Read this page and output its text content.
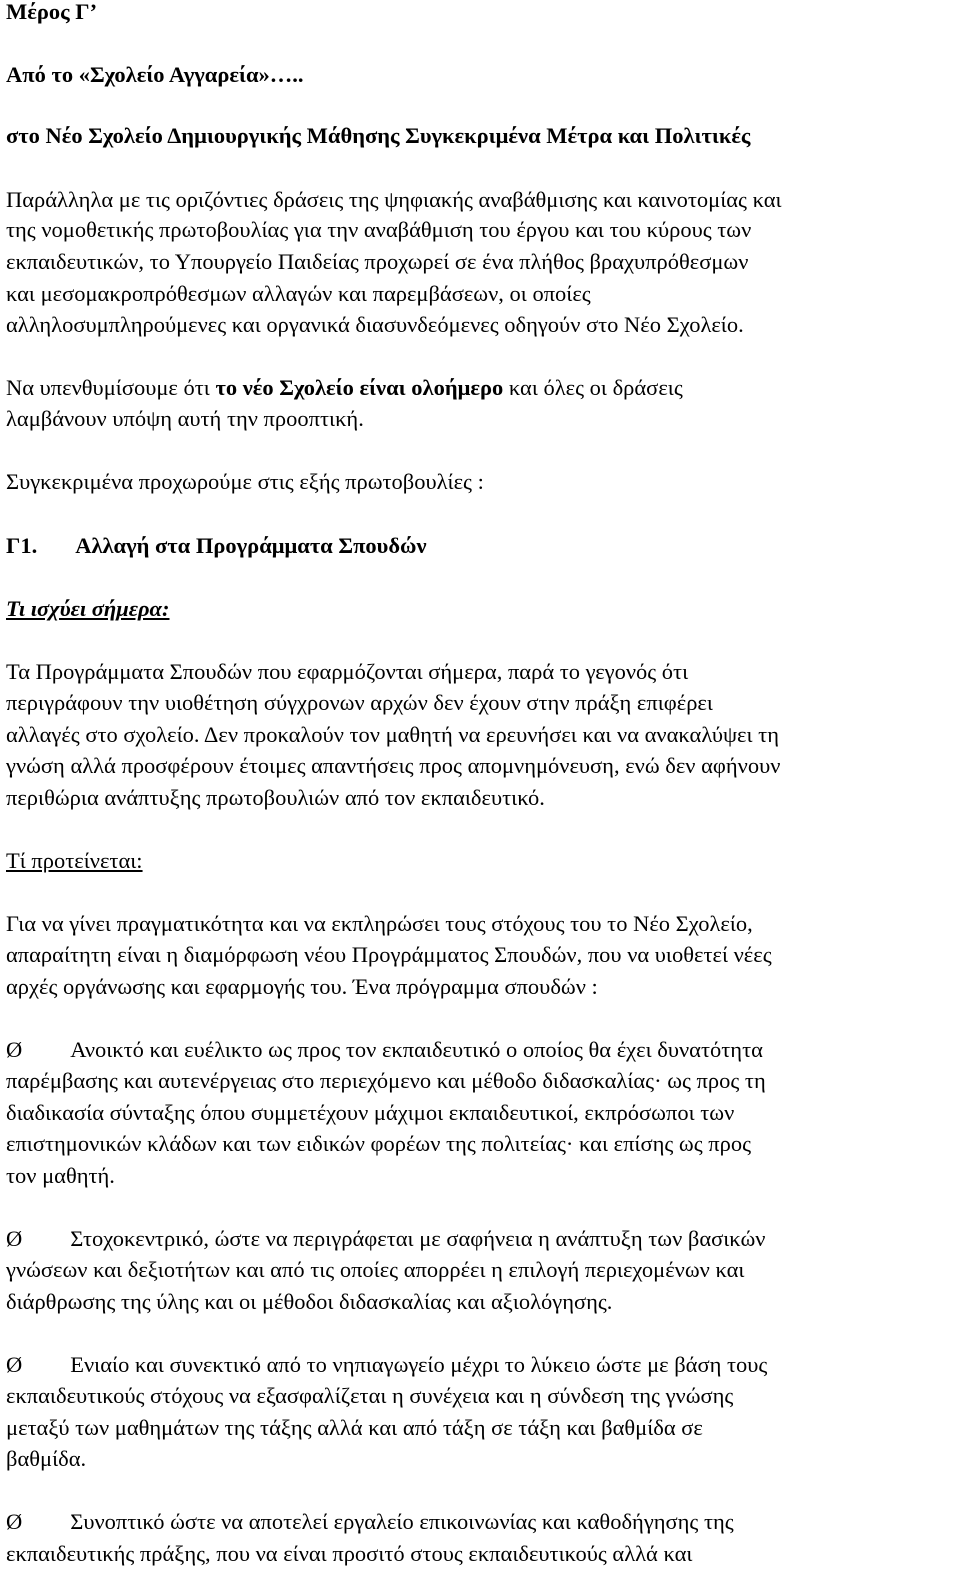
Μέρος Γ’
Από το «Σχολείο Αγγαρεία»…..
στο Νέο Σχολείο Δημιουργικής Μάθησης Συγκεκριμένα Μέτρα και Πολιτικές
Παράλληλα με τις οριζόντιες δράσεις της ψηφιακής αναβάθμισης και καινοτομίας και
της νομοθετικής πρωτοβουλίας για την αναβάθμιση του έργου και του κύρους των
εκπαιδευτικών, το Υπουργείο Παιδείας προχωρεί σε ένα πλήθος βραχυπρόθεσμων
και μεσομακροπρόθεσμων αλλαγών και παρεμβάσεων, οι οποίες
αλληλοσυμπληρούμενες και οργανικά διασυνδεόμενες οδηγούν στο Νέο Σχολείο.
Να υπενθυμίσουμε ότι το νέο Σχολείο είναι ολοήμερο και όλες οι δράσεις
λαμβάνουν υπόψη αυτή την προοπτική.
Συγκεκριμένα προχωρούμε στις εξής πρωτοβουλίες :
Γ1. Αλλαγή στα Προγράμματα Σπουδών
Τι ισχύει σήμερα:
Τα Προγράμματα Σπουδών που εφαρμόζονται σήμερα, παρά το γεγονός ότι
περιγράφουν την υιοθέτηση σύγχρονων αρχών δεν έχουν στην πράξη επιφέρει
αλλαγές στο σχολείο. Δεν προκαλούν τον μαθητή να ερευνήσει και να ανακαλύψει τη
γνώση αλλά προσφέρουν έτοιμες απαντήσεις προς απομνημόνευση, ενώ δεν αφήνουν
περιθώρια ανάπτυξης πρωτοβουλιών από τον εκπαιδευτικό.
Τί προτείνεται:
Για να γίνει πραγματικότητα και να εκπληρώσει τους στόχους του το Νέο Σχολείο,
απαραίτητη είναι η διαμόρφωση νέου Προγράμματος Σπουδών, που να υιοθετεί νέες
αρχές οργάνωσης και εφαρμογής του. Ένα πρόγραμμα σπουδών :
Ø Ανοικτό και ευέλικτο ως προς τον εκπαιδευτικό ο οποίος θα έχει δυνατότητα
παρέμβασης και αυτενέργειας στο περιεχόμενο και μέθοδο διδασκαλίας· ως προς τη
διαδικασία σύνταξης όπου συμμετέχουν μάχιμοι εκπαιδευτικοί, εκπρόσωποι των
επιστημονικών κλάδων και των ειδικών φορέων της πολιτείας· και επίσης ως προς
τον μαθητή.
Ø Στοχοκεντρικό, ώστε να περιγράφεται με σαφήνεια η ανάπτυξη των βασικών
γνώσεων και δεξιοτήτων και από τις οποίες απορρέει η επιλογή περιεχομένων και
διάρθρωσης της ύλης και οι μέθοδοι διδασκαλίας και αξιολόγησης.
Ø Ενιαίο και συνεκτικό από το νηπιαγωγείο μέχρι το λύκειο ώστε με βάση τους
εκπαιδευτικούς στόχους να εξασφαλίζεται η συνέχεια και η σύνδεση της γνώσης
μεταξύ των μαθημάτων της τάξης αλλά και από τάξη σε τάξη και βαθμίδα σε
βαθμίδα.
Ø Συνοπτικό ώστε να αποτελεί εργαλείο επικοινωνίας και καθοδήγησης της
εκπαιδευτικής πράξης, που να είναι προσιτό στους εκπαιδευτικούς αλλά και
